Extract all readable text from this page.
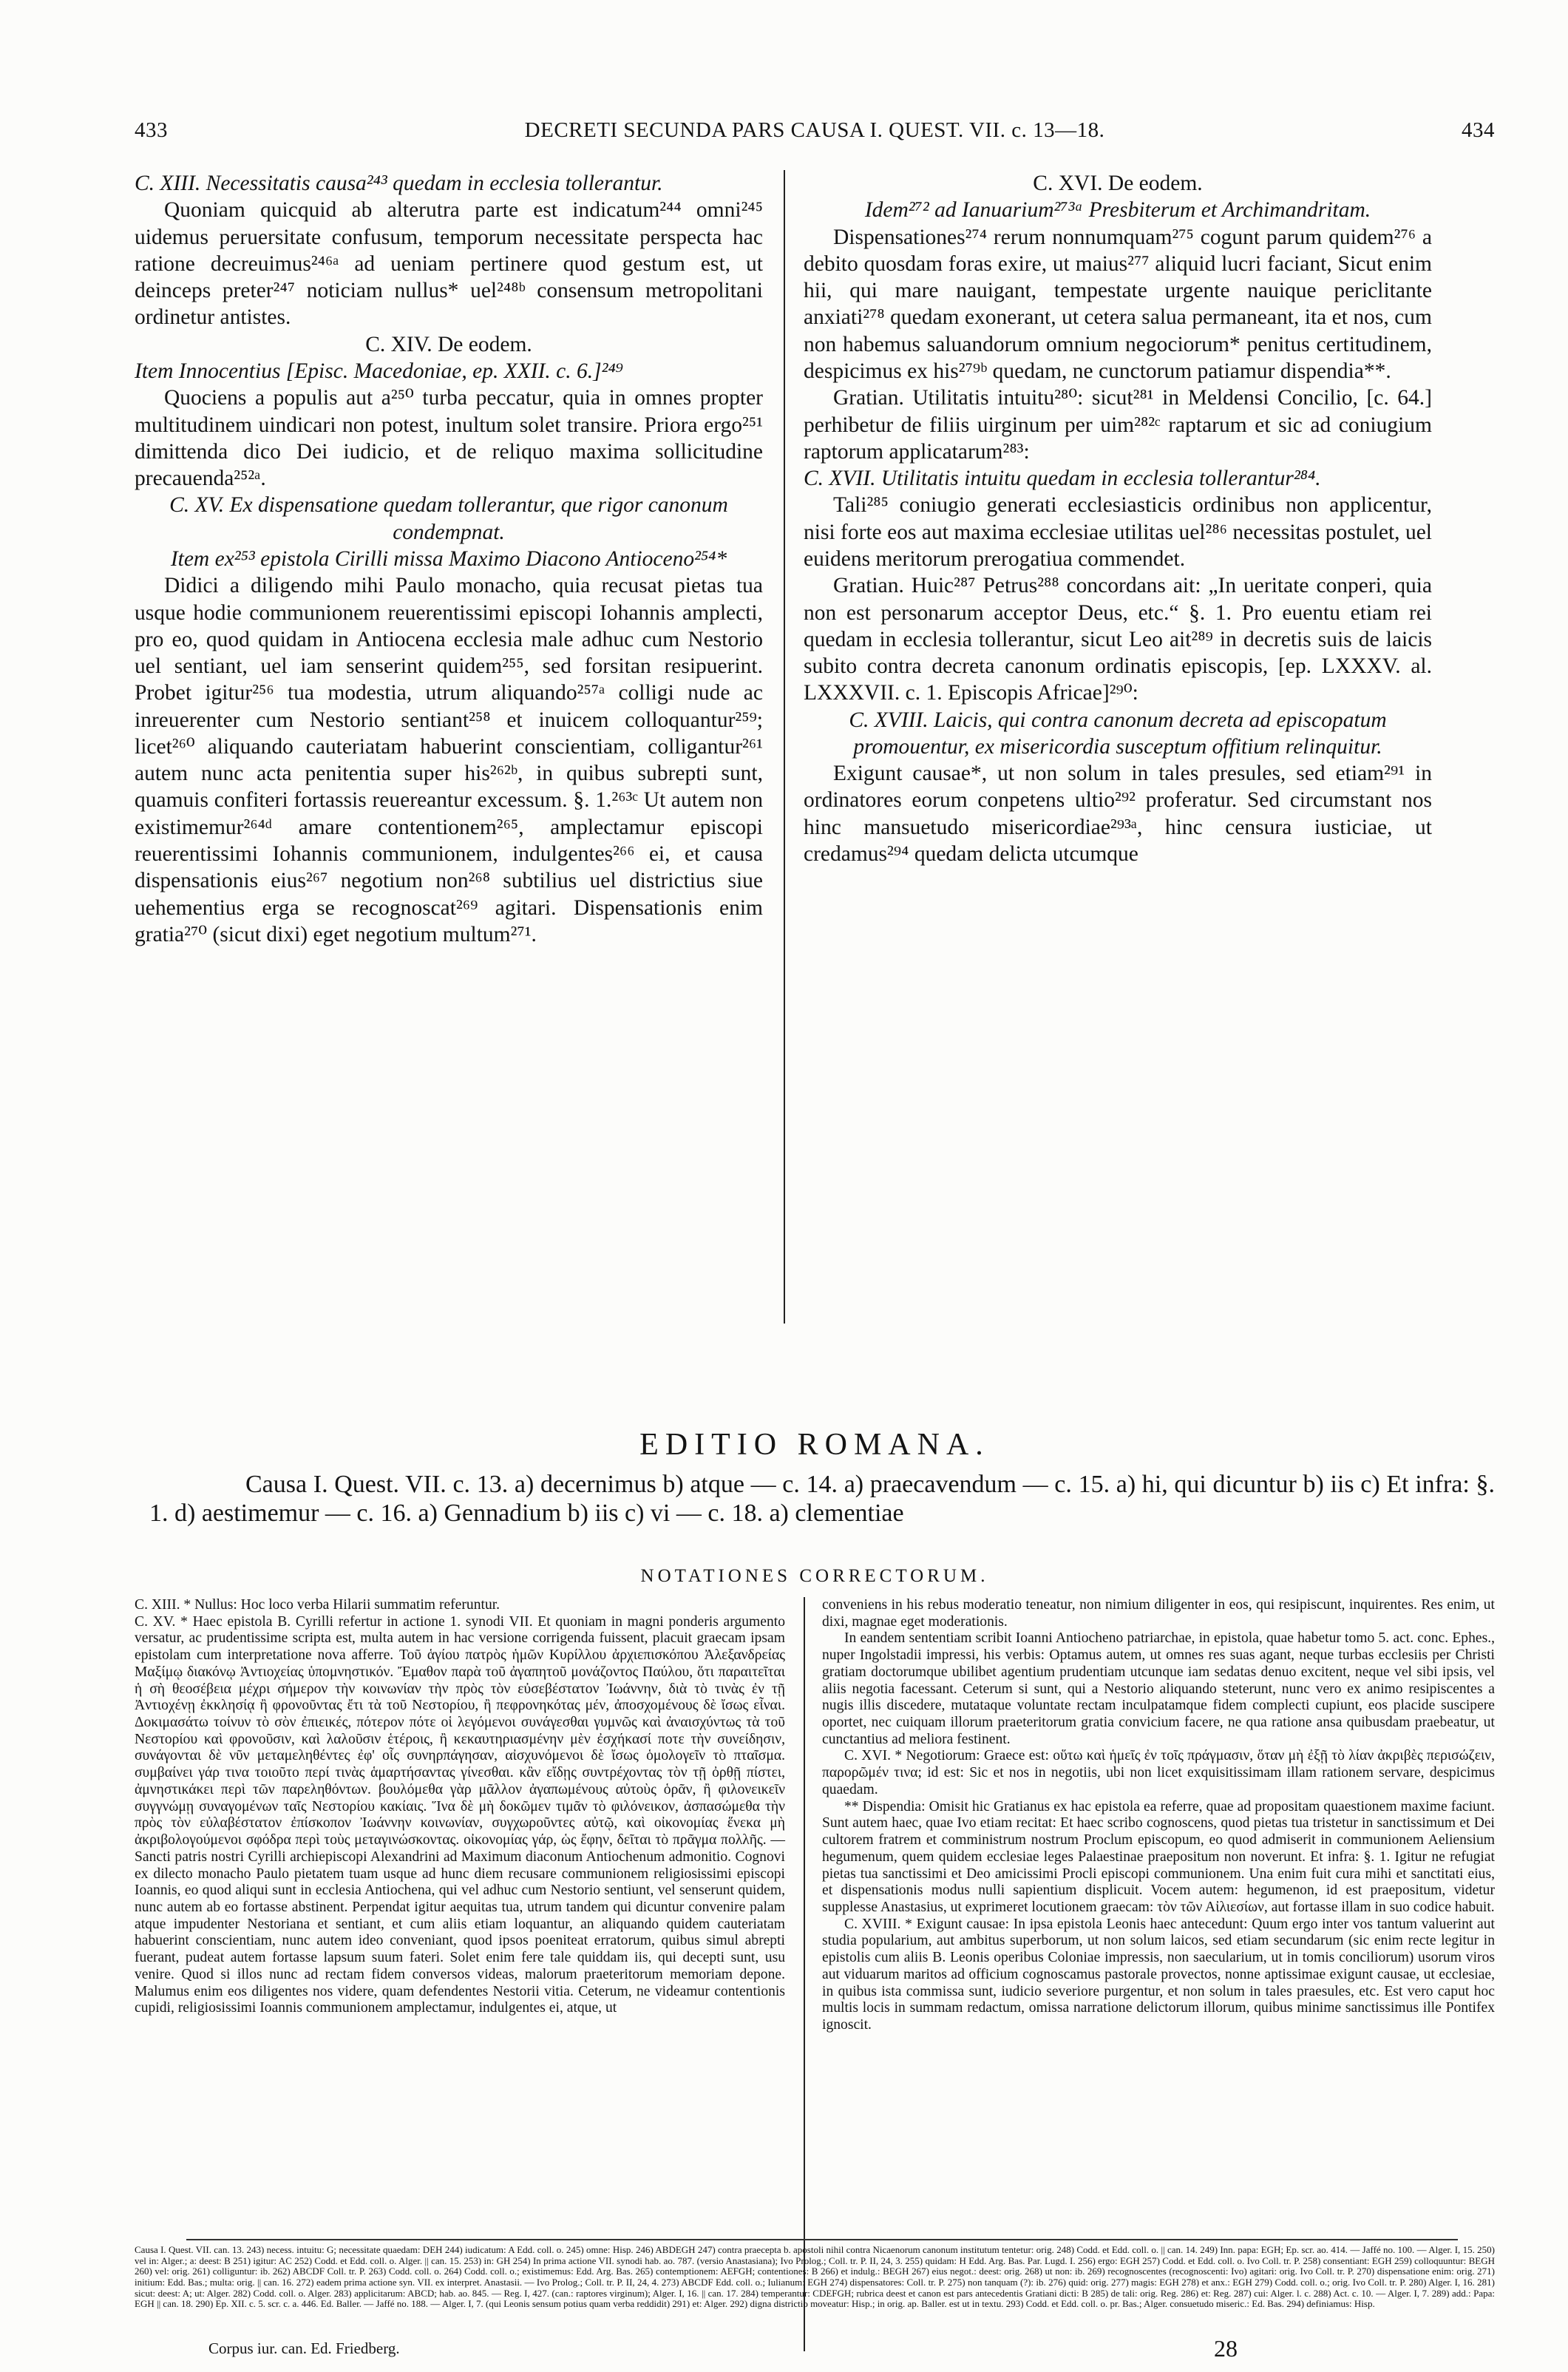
433	DECRETI SECUNDA PARS CAUSA I. QUEST. VII. c. 13—18.	434

C. XIII. Necessitatis causa²⁴³ quedam in ecclesia tollerantur.

Quoniam quicquid ab alterutra parte est indicatum²⁴⁴ omni²⁴⁵ uidemus peruersitate confusum, temporum necessitate perspecta hac ratione decreuimus²⁴⁶ᵃ ad ueniam pertinere quod gestum est, ut deinceps preter²⁴⁷ noticiam nullus* uel²⁴⁸ᵇ consensum metropolitani ordinetur antistes.

C. XIV. De eodem.

Item Innocentius [Episc. Macedoniae, ep. XXII. c. 6.]²⁴⁹

Quociens a populis aut a²⁵⁰ turba peccatur, quia in omnes propter multitudinem uindicari non potest, inultum solet transire. Priora ergo²⁵¹ dimittenda dico Dei iudicio, et de reliquo maxima sollicitudine precauenda²⁵²ᵃ.

C. XV. Ex dispensatione quedam tollerantur, que rigor canonum condempnat.

Item ex²⁵³ epistola Cirilli missa Maximo Diacono Antioceno²⁵⁴*

Didici a diligendo mihi Paulo monacho, quia recusat pietas tua usque hodie communionem reuerentissimi episcopi Iohannis amplecti, pro eo, quod quidam in Antiocena ecclesia male adhuc cum Nestorio uel sentiant, uel iam senserint quidem²⁵⁵, sed forsitan resipuerint. Probet igitur²⁵⁶ tua modestia, utrum aliquando²⁵⁷ᵃ colligi nude ac inreuerenter cum Nestorio sentiant²⁵⁸ et inuicem colloquantur²⁵⁹; licet²⁶⁰ aliquando cauteriatam habuerint conscientiam, colligantur²⁶¹ autem nunc acta penitentia super his²⁶²ᵇ, in quibus subrepti sunt, quamuis confiteri fortassis reuereantur excessum. §. 1.²⁶³ᶜ Ut autem non existimemur²⁶⁴ᵈ amare contentionem²⁶⁵, amplectamur episcopi reuerentissimi Iohannis communionem, indulgentes²⁶⁶ ei, et causa dispensationis eius²⁶⁷ negotium non²⁶⁸ subtilius uel districtius siue uehementius erga se recognoscat²⁶⁹ agitari. Dispensationis enim gratia²⁷⁰ (sicut dixi) eget negotium multum²⁷¹.

C. XVI. De eodem.

Idem²⁷² ad Ianuarium²⁷³ᵃ Presbiterum et Archimandritam.

Dispensationes²⁷⁴ rerum nonnumquam²⁷⁵ cogunt parum quidem²⁷⁶ a debito quosdam foras exire, ut maius²⁷⁷ aliquid lucri faciant, Sicut enim hii, qui mare nauigant, tempestate urgente nauique periclitante anxiati²⁷⁸ quedam exonerant, ut cetera salua permaneant, ita et nos, cum non habemus saluandorum omnium negociorum* penitus certitudinem, despicimus ex his²⁷⁹ᵇ quedam, ne cunctorum patiamur dispendia**.

Gratian. Utilitatis intuitu²⁸⁰: sicut²⁸¹ in Meldensi Concilio, [c. 64.] perhibetur de filiis uirginum per uim²⁸²ᶜ raptarum et sic ad coniugium raptorum applicatarum²⁸³:

C. XVII. Utilitatis intuitu quedam in ecclesia tollerantur²⁸⁴.

Tali²⁸⁵ coniugio generati ecclesiasticis ordinibus non applicentur, nisi forte eos aut maxima ecclesiae utilitas uel²⁸⁶ necessitas postulet, uel euidens meritorum prerogatiua commendet.

Gratian. Huic²⁸⁷ Petrus²⁸⁸ concordans ait: „In ueritate conperi, quia non est personarum acceptor Deus, etc.“ §. 1. Pro euentu etiam rei quedam in ecclesia tollerantur, sicut Leo ait²⁸⁹ in decretis suis de laicis subito contra decreta canonum ordinatis episcopis, [ep. LXXXV. al. LXXXVII. c. 1. Episcopis Africae]²⁹⁰:

C. XVIII. Laicis, qui contra canonum decreta ad episcopatum promouentur, ex misericordia susceptum offitium relinquitur.

Exigunt causae*, ut non solum in tales presules, sed etiam²⁹¹ in ordinatores eorum conpetens ultio²⁹² proferatur. Sed circumstant nos hinc mansuetudo misericordiae²⁹³ᵃ, hinc censura iusticiae, ut credamus²⁹⁴ quedam delicta utcumque

EDITIO ROMANA.
Causa I. Quest. VII. c. 13. a) decernimus b) atque — c. 14. a) praecavendum — c. 15. a) hi, qui dicuntur b) iis c) Et infra: §. 1. d) aestimemur — c. 16. a) Gennadium b) iis c) vi — c. 18. a) clementiae
NOTATIONES CORRECTORUM.

C. XIII. * Nullus: Hoc loco verba Hilarii summatim referuntur.

C. XV. * Haec epistola B. Cyrilli refertur in actione 1. synodi VII. Et quoniam in magni ponderis argumento versatur, ac prudentissime scripta est, multa autem in hac versione corrigenda fuissent, placuit graecam ipsam epistolam cum interpretatione nova afferre. Τοῦ ἁγίου πατρὸς ἡμῶν Κυρίλλου ἀρχιεπισκόπου Ἀλεξανδρείας Μαξίμῳ διακόνῳ Ἀντιοχείας ὑπομνηστικόν. Ἔμαθον παρὰ τοῦ ἀγαπητοῦ μονάζοντος Παύλου, ὅτι παραιτεῖται ἡ σὴ θεοσέβεια μέχρι σήμερον τὴν κοινωνίαν τὴν πρὸς τὸν εὐσεβέστατον Ἰωάννην, διὰ τὸ τινὰς ἐν τῇ Ἀντιοχένῃ ἐκκλησίᾳ ἢ φρονοῦντας ἔτι τὰ τοῦ Νεστορίου, ἢ πεφρονηκότας μέν, ἀποσχομένους δὲ ἴσως εἶναι. Δοκιμασάτω τοίνυν τὸ σὸν ἐπιεικές, πότερον πότε οἱ λεγόμενοι συνάγεσθαι γυμνῶς καὶ ἀναισχύντως τὰ τοῦ Νεστορίου καὶ φρονοῦσιν, καὶ λαλοῦσιν ἑτέροις, ἢ κεκαυτηριασμένην μὲν ἐσχήκασί ποτε τὴν συνείδησιν, συνάγονται δὲ νῦν μεταμεληθέντες ἐφ' οἷς συνηρπάγησαν, αἰσχυνόμενοι δὲ ἴσως ὁμολογεῖν τὸ πταῖσμα. συμβαίνει γάρ τινα τοιοῦτο περί τινὰς ἁμαρτήσαντας γίνεσθαι. κἂν εἴδῃς συντρέχοντας τὸν τῇ ὀρθῇ πίστει, ἀμνηστικάκει περὶ τῶν παρεληθόντων. βουλόμεθα γὰρ μᾶλλον ἀγαπωμένους αὐτοὺς ὁρᾶν, ἢ φιλονεικεῖν συγγνώμῃ συναγομένων ταῖς Νεστορίου κακίαις. Ἵνα δὲ μὴ δοκῶμεν τιμᾶν τὸ φιλόνεικον, ἀσπασώμεθα τὴν πρὸς τὸν εὐλαβέστατον ἐπίσκοπον Ἰωάννην κοινωνίαν, συγχωροῦντες αὐτῷ, καὶ οἰκονομίας ἕνεκα μὴ ἀκριβολογούμενοι σφόδρα περὶ τοὺς μεταγινώσκοντας. οἰκονομίας γάρ, ὡς ἔφην, δεῖται τὸ πρᾶγμα πολλῆς. — Sancti patris nostri Cyrilli archiepiscopi Alexandrini ad Maximum diaconum Antiochenum admonitio. Cognovi ex dilecto monacho Paulo pietatem tuam usque ad hunc diem recusare communionem religiosissimi episcopi Ioannis, eo quod aliqui sunt in ecclesia Antiochena, qui vel adhuc cum Nestorio sentiunt, vel senserunt quidem, nunc autem ab eo fortasse abstinent. Perpendat igitur aequitas tua, utrum tandem qui dicuntur convenire palam atque impudenter Nestoriana et sentiant, et cum aliis etiam loquantur, an aliquando quidem cauteriatam habuerint conscientiam, nunc autem ideo conveniant, quod ipsos poeniteat erratorum, quibus simul abrepti fuerant, pudeat autem fortasse lapsum suum fateri. Solet enim fere tale quiddam iis, qui decepti sunt, usu venire. Quod si illos nunc ad rectam fidem conversos videas, malorum praeteritorum memoriam depone. Malumus enim eos diligentes nos videre, quam defendentes Nestorii vitia. Ceterum, ne videamur contentionis cupidi, religiosissimi Ioannis communionem amplectamur, indulgentes ei, atque, ut

conveniens in his rebus moderatio teneatur, non nimium diligenter in eos, qui resipiscunt, inquirentes. Res enim, ut dixi, magnae eget moderationis.

In eandem sententiam scribit Ioanni Antiocheno patriarchae, in epistola, quae habetur tomo 5. act. conc. Ephes., nuper Ingolstadii impressi, his verbis: Optamus autem, ut omnes res suas agant, neque turbas ecclesiis per Christi gratiam doctorumque ubilibet agentium prudentiam utcunque iam sedatas denuo excitent, neque vel sibi ipsis, vel aliis negotia facessant. Ceterum si sunt, qui a Nestorio aliquando steterunt, nunc vero ex animo resipiscentes a nugis illis discedere, mutataque voluntate rectam inculpatamque fidem complecti cupiunt, eos placide suscipere oportet, nec cuiquam illorum praeteritorum gratia convicium facere, ne qua ratione ansa quibusdam praebeatur, ut cunctantius ad meliora festinent.

C. XVI. * Negotiorum: Graece est: οὕτω καὶ ἡμεῖς ἐν τοῖς πράγμασιν, ὅταν μὴ ἐξῇ τὸ λίαν ἀκριβὲς περισώζειν, παρορῶμέν τινα; id est: Sic et nos in negotiis, ubi non licet exquisitissimam illam rationem servare, despicimus quaedam.

** Dispendia: Omisit hic Gratianus ex hac epistola ea referre, quae ad propositam quaestionem maxime faciunt. Sunt autem haec, quae Ivo etiam recitat: Et haec scribo cognoscens, quod pietas tua tristetur in sanctissimum et Dei cultorem fratrem et comministrum nostrum Proclum episcopum, eo quod admiserit in communionem Aeliensium hegumenum, quem quidem ecclesiae leges Palaestinae praepositum non noverunt. Et infra: §. 1. Igitur ne refugiat pietas tua sanctissimi et Deo amicissimi Procli episcopi communionem. Una enim fuit cura mihi et sanctitati eius, et dispensationis modus nulli sapientium displicuit. Vocem autem: hegumenon, id est praepositum, videtur supplesse Anastasius, ut exprimeret locutionem graecam: τὸν τῶν Αἰλιεσίων, aut fortasse illam in suo codice habuit.

C. XVIII. * Exigunt causae: In ipsa epistola Leonis haec antecedunt: Quum ergo inter vos tantum valuerint aut studia popularium, aut ambitus superborum, ut non solum laicos, sed etiam secundarum (sic enim recte legitur in epistolis cum aliis B. Leonis operibus Coloniae impressis, non saecularium, ut in tomis conciliorum) usorum viros aut viduarum maritos ad officium cognoscamus pastorale provectos, nonne aptissimae exigunt causae, ut ecclesiae, in quibus ista commissa sunt, iudicio severiore purgentur, et non solum in tales praesules, etc. Est vero caput hoc multis locis in summam redactum, omissa narratione delictorum illorum, quibus minime sanctissimus ille Pontifex ignoscit.

Causa I. Quest. VII. can. 13. 243) necess. intuitu: G; necessitate quaedam: DEH 244) iudicatum: A Edd. coll. o. 245) omne: Hisp. 246) ABDEGH 247) contra praecepta b. apostoli nihil contra Nicaenorum canonum institutum tentetur: orig. 248) Codd. et Edd. coll. o. || can. 14. 249) Inn. papa: EGH; Ep. scr. ao. 414. — Jaffé no. 100. — Alger. I, 15. 250) vel in: Alger.; a: deest: B 251) igitur: AC 252) Codd. et Edd. coll. o. Alger. || can. 15. 253) in: GH 254) In prima actione VII. synodi hab. ao. 787. (versio Anastasiana); Ivo Prolog.; Coll. tr. P. II, 24, 3. 255) quidam: H Edd. Arg. Bas. Par. Lugd. I. 256) ergo: EGH 257) Codd. et Edd. coll. o. Ivo Coll. tr. P. 258) consentiant: EGH 259) colloquuntur: BEGH 260) vel: orig. 261) colliguntur: ib. 262) ABCDF Coll. tr. P. 263) Codd. coll. o. 264) Codd. coll. o.; existimemus: Edd. Arg. Bas. 265) contemptionem: AEFGH; contentiones: B 266) et indulg.: BEGH 267) eius negot.: deest: orig. 268) ut non: ib. 269) recognoscentes (recognoscenti: Ivo) agitari: orig. Ivo Coll. tr. P. 270) dispensatione enim: orig. 271) initium: Edd. Bas.; multa: orig. || can. 16. 272) eadem prima actione syn. VII. ex interpret. Anastasii. — Ivo Prolog.; Coll. tr. P. II, 24, 4. 273) ABCDF Edd. coll. o.; Iulianum: EGH 274) dispensatores: Coll. tr. P. 275) non tanquam (?): ib. 276) quid: orig. 277) magis: EGH 278) et anx.: EGH 279) Codd. coll. o.; orig. Ivo Coll. tr. P. 280) Alger. I, 16. 281) sicut: deest: A; ut: Alger. 282) Codd. coll. o. Alger. 283) applicitarum: ABCD; hab. ao. 845. — Reg. I, 427. (can.: raptores virginum); Alger. I, 16. || can. 17. 284) temperantur: CDEFGH; rubrica deest et canon est pars antecedentis Gratiani dicti: B 285) de tali: orig. Reg. 286) et: Reg. 287) cui: Alger. l. c. 288) Act. c. 10. — Alger. I, 7. 289) add.: Papa: EGH || can. 18. 290) Ep. XII. c. 5. scr. c. a. 446. Ed. Baller. — Jaffé no. 188. — Alger. I, 7. (qui Leonis sensum potius quam verba reddidit) 291) et: Alger. 292) digna districtio moveatur: Hisp.; in orig. ap. Baller. est ut in textu. 293) Codd. et Edd. coll. o. pr. Bas.; Alger. consuetudo miseric.: Ed. Bas. 294) definiamus: Hisp.
Corpus iur. can. Ed. Friedberg.	28
